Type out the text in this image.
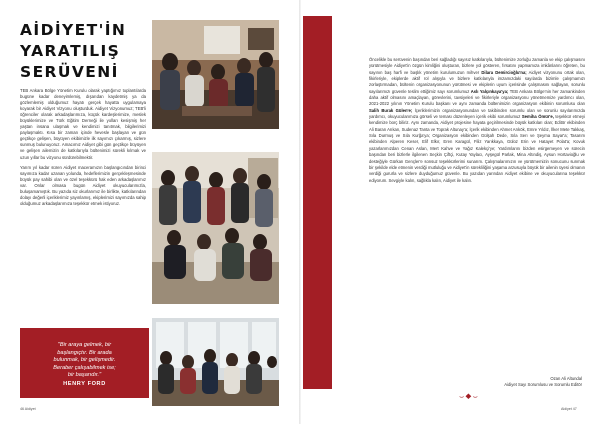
AİDİYET'İN
YARATILIŞ
SERÜVENİ

TEB Ankara Bölge Yönetim Kurulu olarak yaptığımız toplantılarda bugüne kadar deneyimlemiş, dışarıdan kaydetmiş ya da gözlemlemiş olduğumuz hayatı gerçek hayatta uygulamaya koyarak bir Aidiyet Vizyonu oluşturduk. Aidiyet Vizyonumuz; TEB'li öğrenciler olarak arkadaşlarımıza, küçük kardeşlerimize, meslek büyüklerimize ve Türk Eğitim Derneği ile yolları kesişmiş her yaştan insana ulaşmak ve kendimizi tanıtmak, bilgilerimizi paylaşmaktı. Kısa bir zaman içinde hevesle başlayan ve gün geçtikçe gelişen, büyüyen ekibimizle ilk sayımızı çıkarmış, sizlere sunmuş bulunuyoruz. Amacımız Aidiyet gibi gün geçtikçe büyüyen ve gelişen ailemizin de katkılarıyla bültenimizi sürekli kılmak ve uzun yıllar bu vizyonu sürdürebilmektir.

Yarım yıl kadar süren Aidiyet maceramızın başlangıcından birinci sayımıza kadar uzanan yolunda, hedeflerimizin gerçekleşmesinde büyük pay sahibi olan ve özel teşekkürü hak eden arkadaşlarımız var. Onlar olmasa bugün Aidiyet okuyucularımızla, buluşamamıştık. Bu yazıda siz okurlarımız ile birlikte, katkılarından dolayı değerli içeriklerimiz yayınlamış, ekiplerimizi sayımızda sahip olduğumuz arkadaşlarımıza teşekkür etmek istiyoruz.

"Bir araya gelmek, bir
başlangıçtır. Bir arada
bulunmak, bir gelişmedir.
Beraber çalışabilmek ise;
bir başarıdır."
HENRY FORD
46 Aidiyet
TEŞEKKÜRLER
Öncelikle bu serüvenin başından beri sağladığı sayısız katkılarıyla, bültenimize zorluğu zamanla ve ekip çalışmasını yürütmesiyle Aidiyet'in özgün kimliğini oluşturan, bizlere yol gösteren, fırsatını yapmamıza imkânlarını öğreten, bu sayının baş harfi ve başlık yönetim kurulumuzun mihver Dilara Demircioğlu'na; Aidiyet vizyonunu ortak olan, fikirleriyle, ekiplerde aktif rol alışıyla ve bizlere katkılarıyla imzamızdaki sayılarda bizimle çalışmamızı zorlaştırmadan, bültenin organizasyonunun yürütmesi ve ekiplerin uyum içerisinde çalışmasını sağlayan, sorunlu sayılarımızı güvenle teslim ettiğimiz sayı sorumlumuz Aslı Yalçınkaya'ya; TEB Ankara Bölge'nin her zamankinden daha aktif olmasını amaçlayan, görevlerini, tavsiyeleri ve fikirleriyle organizasyonu yönetmemize yardımcı olan, 2021-2022 yılının Yönetim Kurulu başkanı ve aynı zamanda bültenimizin organizasyon ekibinin sorumlusu olan Salih Burak Gülen'e; İçeriklerimizin organizasyonundan ve takibinden sorumlu olan ve sorunlu sayılarımızda yardımcı, okuyucularımıza görseli ve teması düzenleyen içerik ekibi sorumlumuz Semiha Ömür'e, teşekkür etmeyi kendimize borç biliriz. Aynı zamanda, Aidiyet projesine hayata geçirilmesinde büyük katkıları olan; Editör ekibinden Ali Baran Arıkan, Sudenaz Tanta ve Toprak Altunay'a; İçerik ekibinden Ahmet Arıkök, Emre Yıldız, İlker Mete Takkaş, Sıla Durmuş ve Sıla Kurğa'ya; Organizasyon ekibinden Gülşah Dede, Sıla Serı ve Şeyma Sayar'a; Tasarım ekibinden Alperen Keser, Elif Elkır, Eren Karagül, Filiz Yarıkkaya, Güloz Erin ve Hatayet Polat'a; Kovuk yazarlarımızdan Cenan Aslan, Mert Kahve ve Yağız Kalekçi'ye; Yardımlarını bizden esirgemeyen ve sürecin başından beri bizlerle ilgilenen Seçkin Çiftçi, Kutay Yaylacı, Ayşegül Parlak, Mina Altındiş, Aysun Hortavioğlu ve desteğiyle Gürkan Gençler'e sonsuz teşekkürlerimi sunarım. Çalışmalarımızın ve yürütmemizin sonucunu sunmak bir şekilde elde etmenin verdiği mutluluğu ve Aidiyet'in sürekliliğini yaşama arzusuyla büyük bir ailenin üyesi olmanın verdiği gururla ve sizlere duyduğumuz güvenle. Bu yazıdan yarından Aidiyet ekibine ve okuyucularına teşekkür ediyorum. Sevgiyle kalın, sağlıkla kalın, Aidiyet ile kalın.
Ozan Ali Altundal
Aidiyet Sayı Sorumlusu ve Sorumlu Editör
⌣◆⌣
Aidiyet 47
